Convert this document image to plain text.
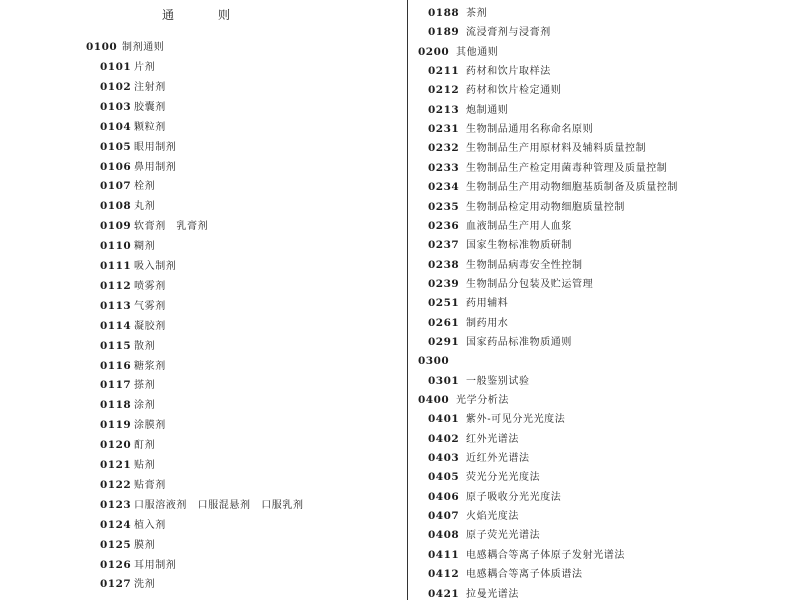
通　则
0100 制剂通则
0101 片剂
0102 注射剂
0103 胶囊剂
0104 颗粒剂
0105 眼用制剂
0106 鼻用制剂
0107 栓剂
0108 丸剂
0109 软膏剂　乳膏剂
0110 糊剂
0111 吸入制剂
0112 喷雾剂
0113 气雾剂
0114 凝胶剂
0115 散剂
0116 糖浆剂
0117 搽剂
0118 涂剂
0119 涂膜剂
0120 酊剂
0121 贴剂
0122 贴膏剂
0123 口服溶液剂　口服混悬剂　口服乳剂
0124 植入剂
0125 膜剂
0126 耳用制剂
0127 洗剂
0188 茶剂
0189 流浸膏剂与浸膏剂
0200 其他通则
0211 药材和饮片取样法
0212 药材和饮片检定通则
0213 炮制通则
0231 生物制品通用名称命名原则
0232 生物制品生产用原材料及辅料质量控制
0233 生物制品生产检定用菌毒种管理及质量控制
0234 生物制品生产用动物细胞基质制备及质量控制
0235 生物制品检定用动物细胞质量控制
0236 血液制品生产用人血浆
0237 国家生物标准物质研制
0238 生物制品病毒安全性控制
0239 生物制品分包装及贮运管理
0251 药用辅料
0261 制药用水
0291 国家药品标准物质通则
0300
0301 一般鉴别试验
0400 光学分析法
0401 紫外-可见分光光度法
0402 红外光谱法
0403 近红外光谱法
0405 荧光分光光度法
0406 原子吸收分光光度法
0407 火焰光度法
0408 原子荧光光谱法
0411 电感耦合等离子体原子发射光谱法
0412 电感耦合等离子体质谱法
0421 拉曼光谱法
